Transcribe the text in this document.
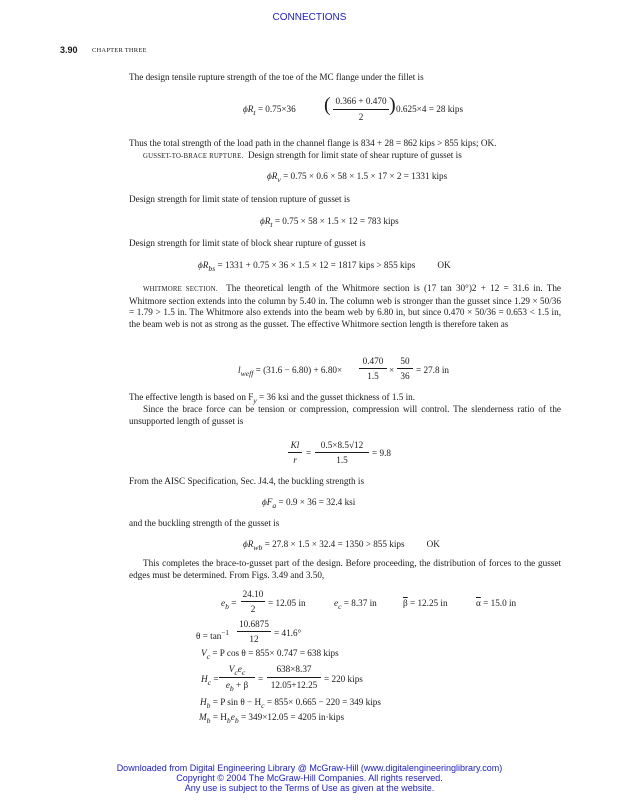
CONNECTIONS
3.90 CHAPTER THREE

The design tensile rupture strength of the toe of the MC flange under the fillet is

$\phi R_t = 0.75\times 36$ ( 0.366 + 0.470
2
) 0.625×4 = 28 kips

Thus the total strength of the load path in the channel flange is 834 + 28 = 862 kips > 855 kips; OK.

GUSSET-TO-BRACE RUPTURE. Design strength for limit state of shear rupture of gusset is

$\phi R_v = 0.75 \times 0.6 \times 58 \times 1.5 \times 17 \times 2 = 1331$ kips

Design strength for limit state of tension rupture of gusset is

$\phi R_t = 0.75 \times 58 \times 1.5 \times 12 = 783$ kips

Design strength for limit state of block shear rupture of gusset is

$\phi R_{bs} = 1331 + 0.75 \times 36 \times 1.5 \times 12 = 1817$ kips > 855 kips OK

WHITMORE SECTION. The theoretical length of the Whitmore section is (17 tan 30°)2 + 12 = 31.6 in. The Whitmore section extends into the column by 5.40 in. The column web is stronger than the gusset since 1.29 × 50/36 = 1.79 > 1.5 in. The Whitmore also extends into the beam web by 6.80 in, but since 0.470 × 50/36 = 0.653 < 1.5 in, the beam web is not as strong as the gusset. The effective Whitmore section length is therefore taken as

$l_{weff} = (31.6 - 6.80) + 6.80\times$
0.470
1.5
×
50
36
= 27.8 in

The effective length is based on $F_y = 36$ ksi and the gusset thickness of 1.5 in.

Since the brace force can be tension or compression, compression will control. The slenderness ratio of the unsupported length of gusset is

Kl
r
=
0.5×8.5√12
1.5
= 9.8

From the AISC Specification, Sec. J4.4, the buckling strength is

$\phi F_a = 0.9 \times 36 = 32.4$ ksi

and the buckling strength of the gusset is

$\phi R_{wb} = 27.8 \times 1.5 \times 32.4 = 1350 > 855$ kips OK

This completes the brace-to-gusset part of the design. Before proceeding, the distribution of forces to the gusset edges must be determined. From Figs. 3.49 and 3.50,

$e_b$ =
24.10
2
= 12.05 in	$e_c = 8.37$ in	$\overline{\beta} = 12.25$ in	$\overline{\alpha} = 15.0$ in
$\theta = \tan^{-1}$
10.6875
12
= 41.6°
$V_c = P$ cos θ = 855× 0.747 = 638 kips
$H_c$ =
$V_ce_c$
$e_b + \beta$
=
638×8.37
12.05+12.25
= 220 kips
$H_b = P$ $\sin \theta - H_c = 855\times 0.665 - 220 = 349$ kips
$M_b = H_be_b = 349\times 12.05 = 4205$ in·kips
Downloaded from Digital Engineering Library @ McGraw-Hill (www.digitalengineeringlibrary.com)
Copyright © 2004 The McGraw-Hill Companies. All rights reserved.
Any use is subject to the Terms of Use as given at the website.
